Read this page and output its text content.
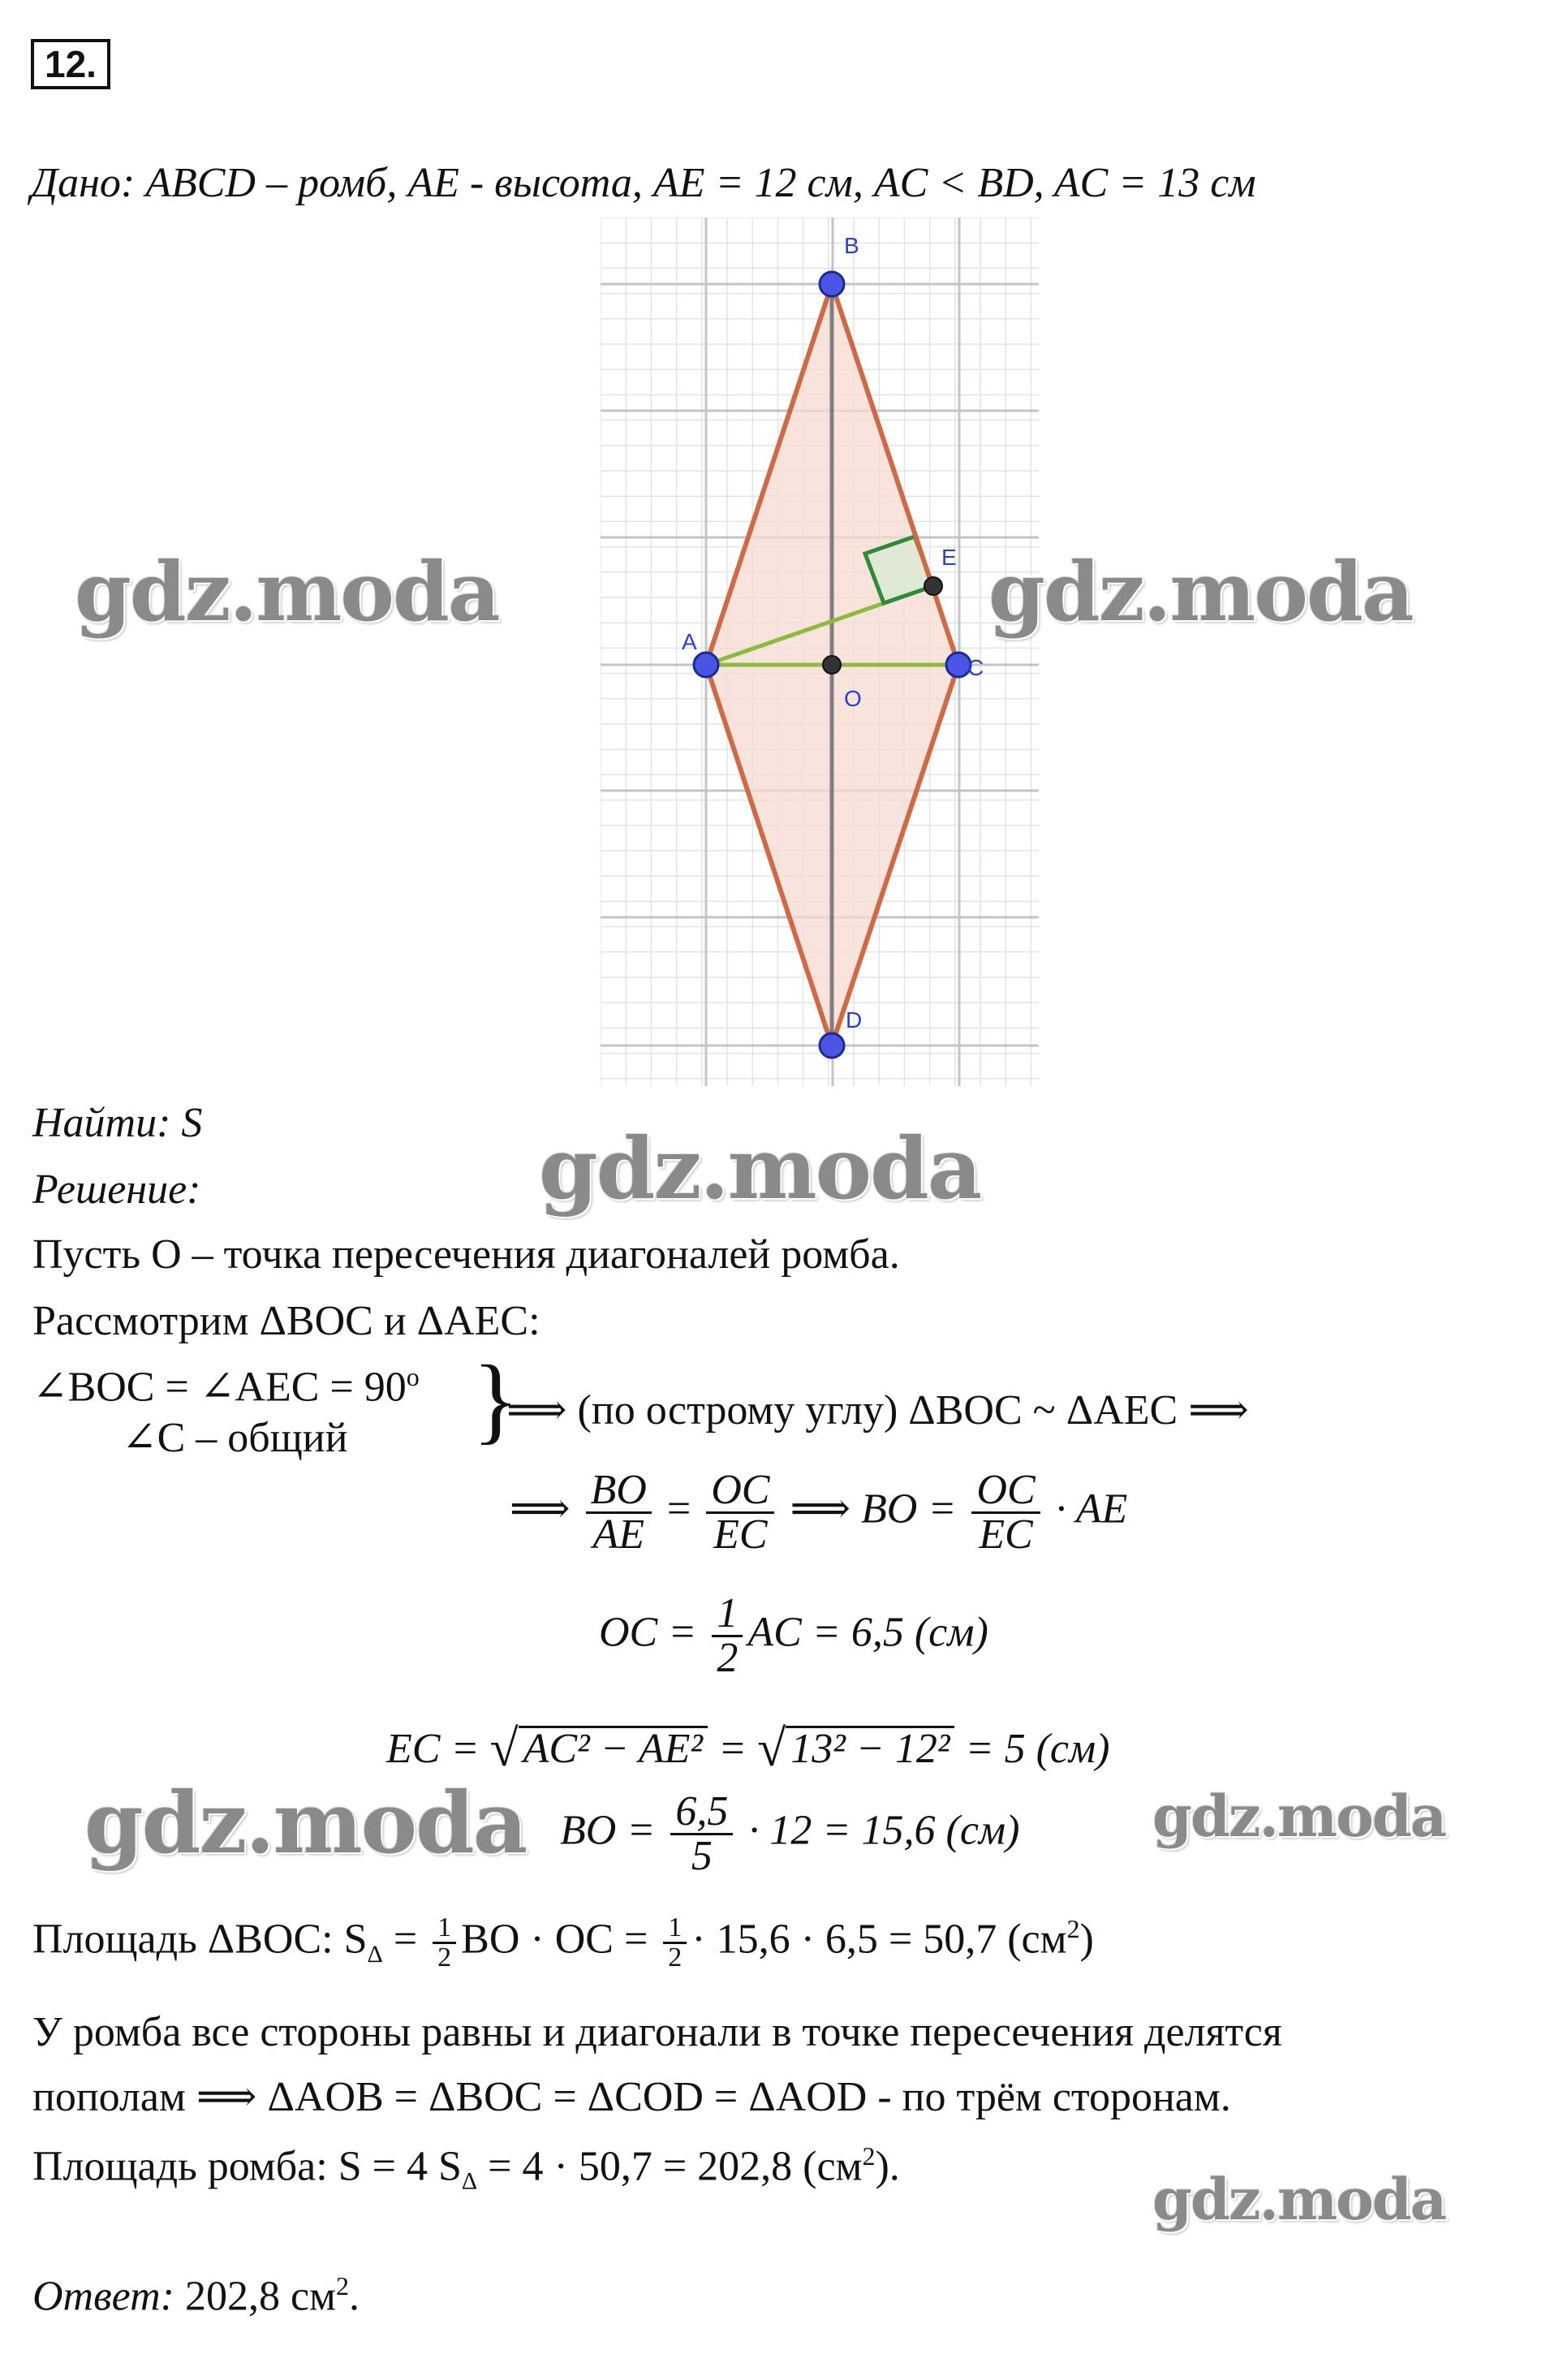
12.
Дано: ABCD – ромб, AE - высота, AE = 12 см, AC < BD, AC = 13 см
A
B
C
D
E
O
gdz.moda	gdz.moda
gdz.moda
gdz.moda	gdz.moda
gdz.moda
Найти: S
Решение:
Пусть O – точка пересечения диагоналей ромба.
Рассмотрим ΔBOC и ΔAEC:
∠BOC = ∠AEC = $90^o$
∠C – общий }
⟹ (по острому углу) ΔBOC ~ ΔAEC ⟹
⟹ $\frac{BO}{AE} = \frac{OC}{EC}$ ⟹ BO = $\frac{OC}{EC}$ · AE
OC = $\frac{1}{2}$ AC = 6,5 (см)
EC = √ AC² − AE² = √ 13² − 12² = 5 (см)
BO = $\frac{6,5}{5} \cdot 12 = 15,6$ (см)
Площадь ΔBOC: $S_\Delta = \frac{1}{2}$ BO · OC = $\frac{1}{2} \cdot 15,6 \cdot 6,5 = 50,7$ $(см^2)$
У ромба все стороны равны и диагонали в точке пересечения делятся
пополам ⟹ ΔAOB = ΔBOC = ΔCOD = ΔAOD - по трём сторонам.
Площадь ромба: S = 4 $S_\Delta = 4 \cdot 50,7 = 202,8$ $(см^2)$.
Ответ: 202,8 $см^2$.
